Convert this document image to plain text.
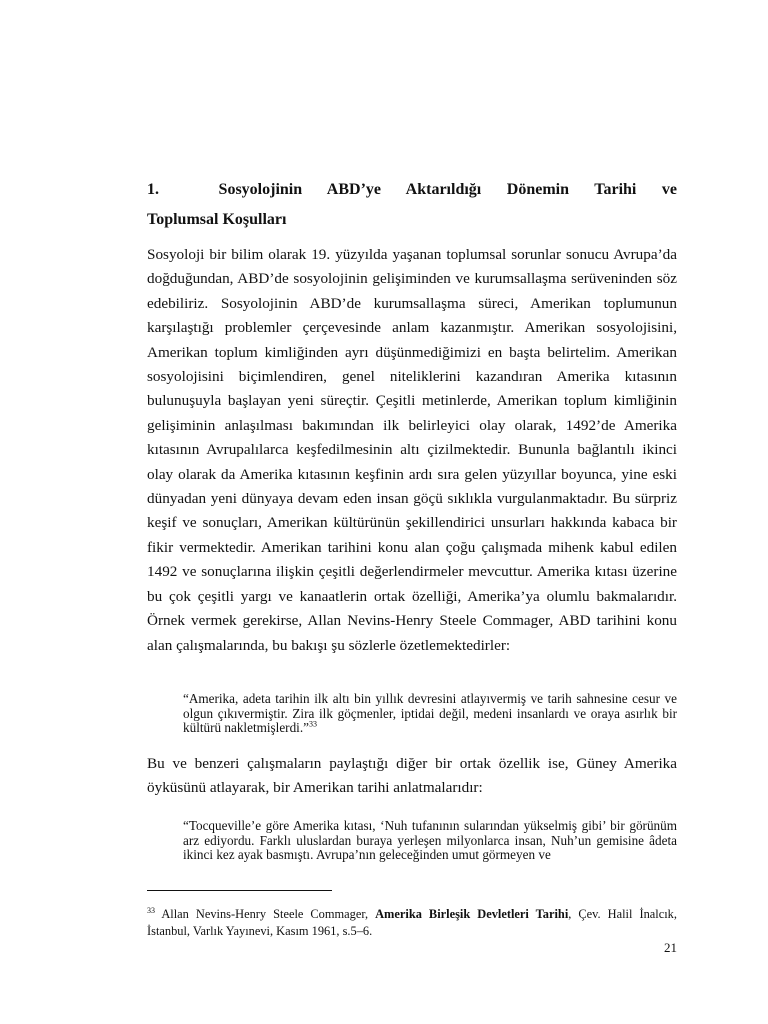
1.	Sosyolojinin ABD’ye Aktarıldığı Dönemin Tarihi ve
Toplumsal Koşulları

Sosyoloji bir bilim olarak 19. yüzyılda yaşanan toplumsal sorunlar sonucu Avrupa’da doğduğundan, ABD’de sosyolojinin gelişiminden ve kurumsallaşma serüveninden söz edebiliriz. Sosyolojinin ABD’de kurumsallaşma süreci, Amerikan toplumunun karşılaştığı problemler çerçevesinde anlam kazanmıştır. Amerikan sosyolojisini, Amerikan toplum kimliğinden ayrı düşünmediğimizi en başta belirtelim. Amerikan sosyolojisini biçimlendiren, genel niteliklerini kazandıran Amerika kıtasının bulunuşuyla başlayan yeni süreçtir. Çeşitli metinlerde, Amerikan toplum kimliğinin gelişiminin anlaşılması bakımından ilk belirleyici olay olarak, 1492’de Amerika kıtasının Avrupalılarca keşfedilmesinin altı çizilmektedir. Bununla bağlantılı ikinci olay olarak da Amerika kıtasının keşfinin ardı sıra gelen yüzyıllar boyunca, yine eski dünyadan yeni dünyaya devam eden insan göçü sıklıkla vurgulanmaktadır. Bu sürpriz keşif ve sonuçları, Amerikan kültürünün şekillendirici unsurları hakkında kabaca bir fikir vermektedir. Amerikan tarihini konu alan çoğu çalışmada mihenk kabul edilen 1492 ve sonuçlarına ilişkin çeşitli değerlendirmeler mevcuttur. Amerika kıtası üzerine bu çok çeşitli yargı ve kanaatlerin ortak özelliği, Amerika’ya olumlu bakmalarıdır. Örnek vermek gerekirse, Allan Nevins-Henry Steele Commager, ABD tarihini konu alan çalışmalarında, bu bakışı şu sözlerle özetlemektedirler:

“Amerika, adeta tarihin ilk altı bin yıllık devresini atlayıvermiş ve tarih sahnesine cesur ve olgun çıkıvermiştir. Zira ilk göçmenler, iptidai değil, medeni insanlardı ve oraya asırlık bir kültürü nakletmişlerdi.”$^{33}$

Bu ve benzeri çalışmaların paylaştığı diğer bir ortak özellik ise, Güney Amerika öyküsünü atlayarak, bir Amerikan tarihi anlatmalarıdır:

“Tocqueville’e göre Amerika kıtası, ‘Nuh tufanının sularından yükselmiş gibi’ bir görünüm arz ediyordu. Farklı uluslardan buraya yerleşen milyonlarca insan, Nuh’un gemisine âdeta ikinci kez ayak basmıştı. Avrupa’nın geleceğinden umut görmeyen ve

$^{33}$ Allan Nevins-Henry Steele Commager, Amerika Birleşik Devletleri Tarihi, Çev. Halil İnalcık, İstanbul, Varlık Yayınevi, Kasım 1961, s.5–6.

21
